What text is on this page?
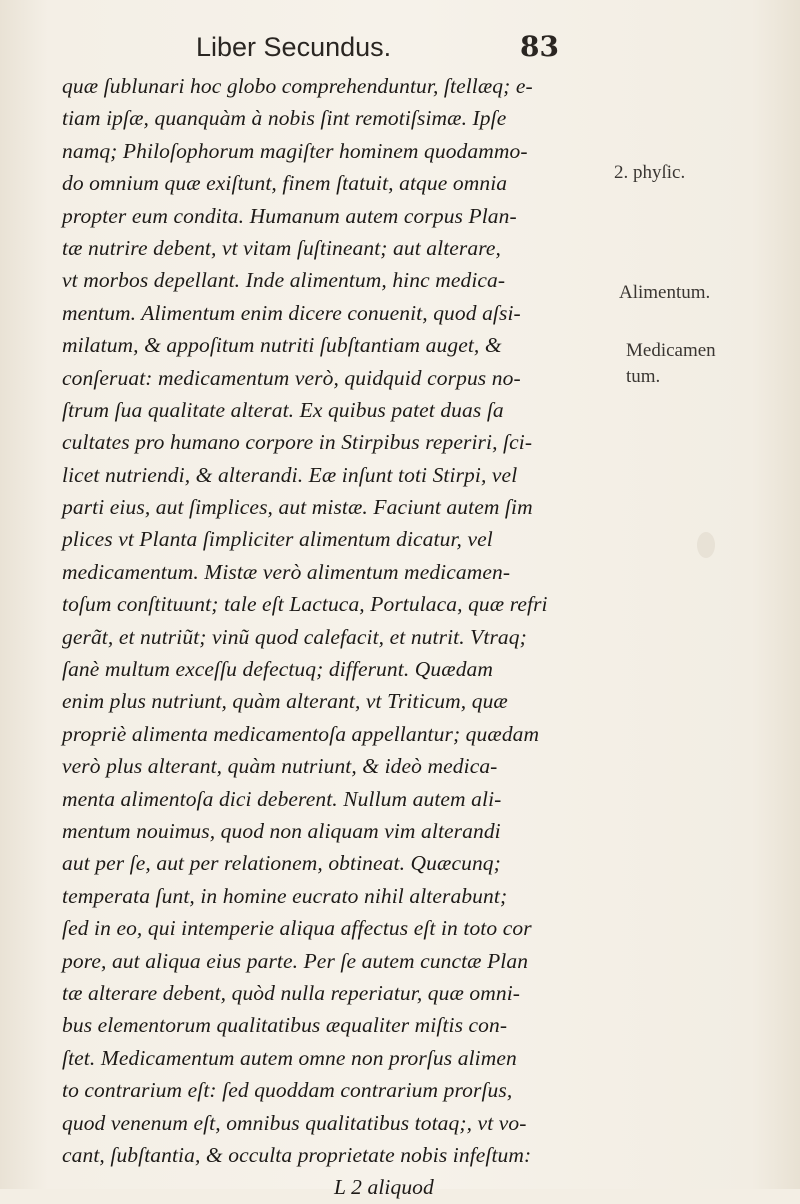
Liber Secundus.	83
quæ ſublunari hoc globo comprehenduntur, ſtellæq; e-
tiam ipſæ, quanquàm à nobis ſint remotiſsimæ. Ipſe
namq; Philoſophorum magiſter hominem quodammo-
do omnium quæ exiſtunt, finem ſtatuit, atque omnia
propter eum condita. Humanum autem corpus Plan-
tæ nutrire debent, vt vitam ſuſtineant; aut alterare,
vt morbos depellant. Inde alimentum, hinc medica-
mentum. Alimentum enim dicere conuenit, quod aſsi-
milatum, & appoſitum nutriti ſubſtantiam auget, &
conſeruat: medicamentum verò, quidquid corpus no-
ſtrum ſua qualitate alterat. Ex quibus patet duas ſa
cultates pro humano corpore in Stirpibus reperiri, ſci-
licet nutriendi, & alterandi. Eæ inſunt toti Stirpi, vel
parti eius, aut ſimplices, aut mistæ. Faciunt autem ſim
plices vt Planta ſimpliciter alimentum dicatur, vel
medicamentum. Mistæ verò alimentum medicamen-
toſum conſtituunt; tale eſt Lactuca, Portulaca, quæ refri
gerãt, et nutriũt; vinũ quod calefacit, et nutrit. Vtraq;
ſanè multum exceſſu defectuq; differunt. Quædam
enim plus nutriunt, quàm alterant, vt Triticum, quæ
propriè alimenta medicamentoſa appellantur; quædam
verò plus alterant, quàm nutriunt, & ideò medica-
menta alimentoſa dici deberent. Nullum autem ali-
mentum nouimus, quod non aliquam vim alterandi
aut per ſe, aut per relationem, obtineat. Quæcunq;
temperata ſunt, in homine eucrato nihil alterabunt;
ſed in eo, qui intemperie aliqua affectus eſt in toto cor
pore, aut aliqua eius parte. Per ſe autem cunctæ Plan
tæ alterare debent, quòd nulla reperiatur, quæ omni-
bus elementorum qualitatibus æqualiter miſtis con-
ſtet. Medicamentum autem omne non prorſus alimen
to contrarium eſt: ſed quoddam contrarium prorſus,
quod venenum eſt, omnibus qualitatibus totaq;, vt vo-
cant, ſubſtantia, & occulta proprietate nobis infeſtum:
L 2 aliquod
2. phyſic.
Alimentum.
Medicamen
tum.
